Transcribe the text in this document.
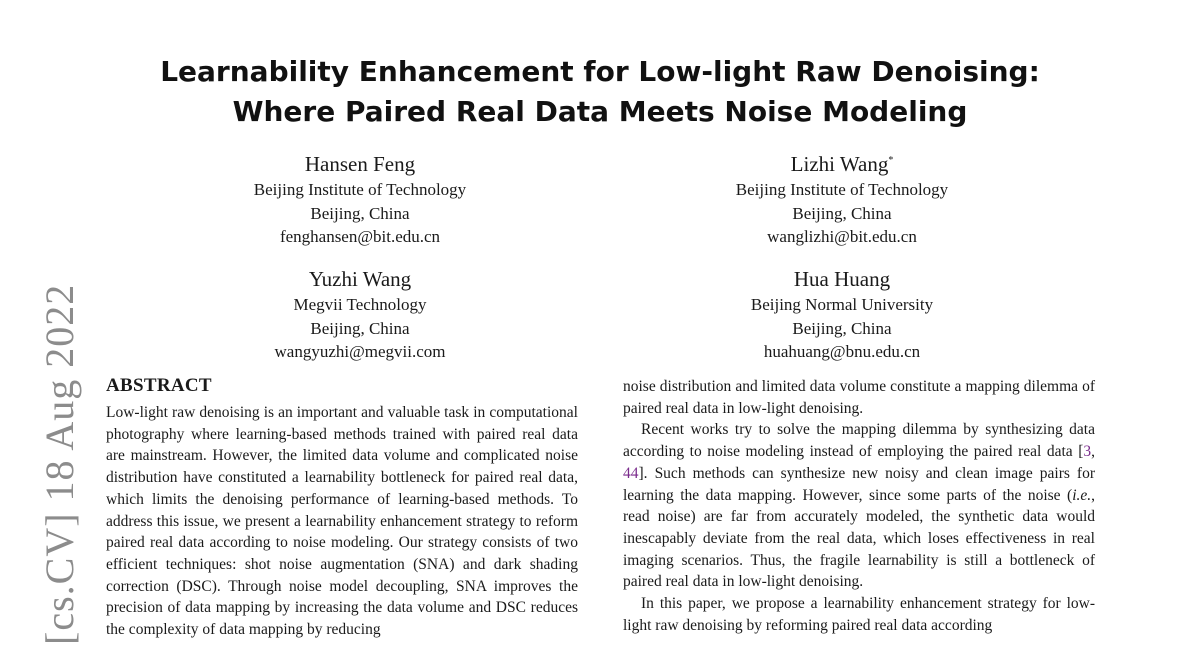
[cs.CV] 18 Aug 2022
Learnability Enhancement for Low-light Raw Denoising:
Where Paired Real Data Meets Noise Modeling
Hansen Feng
Beijing Institute of Technology
Beijing, China
fenghansen@bit.edu.cn
Lizhi Wang*
Beijing Institute of Technology
Beijing, China
wanglizhi@bit.edu.cn
Yuzhi Wang
Megvii Technology
Beijing, China
wangyuzhi@megvii.com
Hua Huang
Beijing Normal University
Beijing, China
huahuang@bnu.edu.cn
ABSTRACT

Low-light raw denoising is an important and valuable task in computational photography where learning-based methods trained with paired real data are mainstream. However, the limited data volume and complicated noise distribution have constituted a learnability bottleneck for paired real data, which limits the denoising performance of learning-based methods. To address this issue, we present a learnability enhancement strategy to reform paired real data according to noise modeling. Our strategy consists of two efficient techniques: shot noise augmentation (SNA) and dark shading correction (DSC). Through noise model decoupling, SNA improves the precision of data mapping by increasing the data volume and DSC reduces the complexity of data mapping by reducing

noise distribution and limited data volume constitute a mapping dilemma of paired real data in low-light denoising.

Recent works try to solve the mapping dilemma by synthesizing data according to noise modeling instead of employing the paired real data [3, 44]. Such methods can synthesize new noisy and clean image pairs for learning the data mapping. However, since some parts of the noise (i.e., read noise) are far from accurately modeled, the synthetic data would inescapably deviate from the real data, which loses effectiveness in real imaging scenarios. Thus, the fragile learnability is still a bottleneck of paired real data in low-light denoising.

In this paper, we propose a learnability enhancement strategy for low-light raw denoising by reforming paired real data according
